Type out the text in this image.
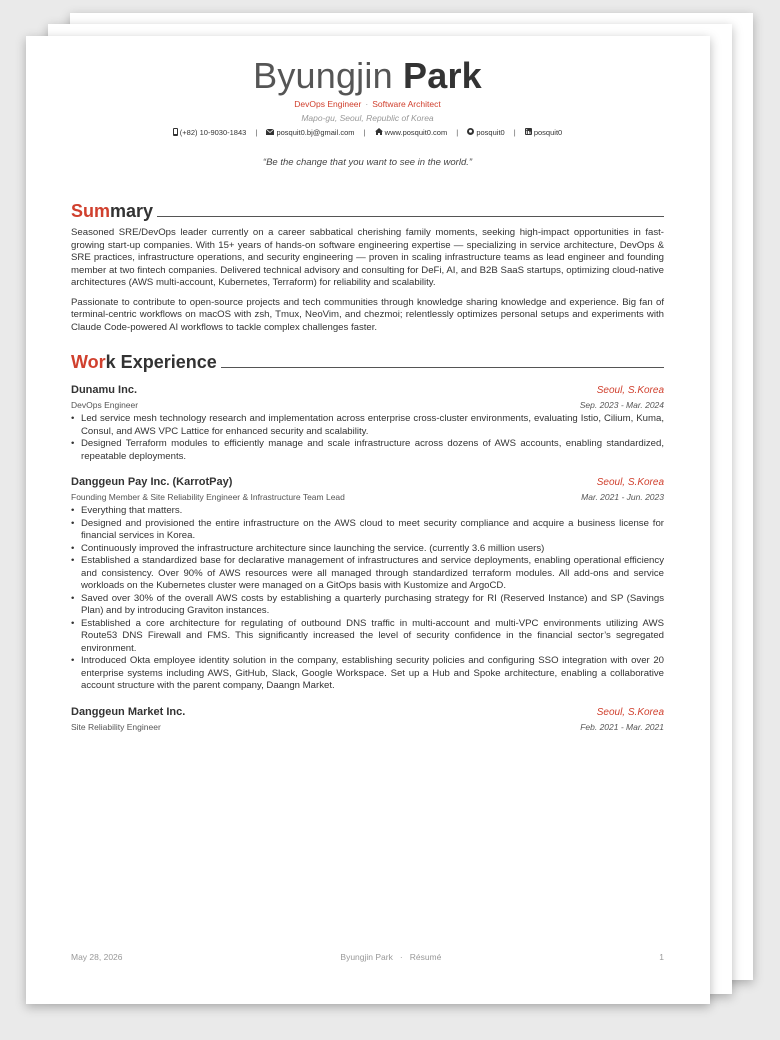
Byungjin Park
DevOps Engineer · Software Architect
Mapo-gu, Seoul, Republic of Korea
(+82) 10-9030-1843 |	posquit0.bj@gmail.com |	www.posquit0.com | posquit0 | posquit0
“Be the change that you want to see in the world.”
Sum mary
Seasoned SRE/DevOps leader currently on a career sabbatical cherishing family moments, seeking high-impact opportunities in fast-growing start-up companies. With 15+ years of hands-on software engineering expertise — specializing in service architecture, DevOps & SRE practices, infrastructure operations, and security engineering — proven in scaling infrastructure teams as lead engineer and founding member at two fintech companies. Delivered technical advisory and consulting for DeFi, AI, and B2B SaaS startups, optimizing cloud-native architectures (AWS multi-account, Kubernetes, Terraform) for reliability and scalability.
Passionate to contribute to open-source projects and tech communities through knowledge sharing knowledge and experience. Big fan of terminal-centric workflows on macOS with zsh, Tmux, NeoVim, and chezmoi; relentlessly optimizes personal setups and experiments with Claude Code-powered AI workflows to tackle complex challenges faster.
Wor k Experience
Dunamu Inc.	Seoul, S.Korea
DevOps Engineer	Sep. 2023 - Mar. 2024
• Led service mesh technology research and implementation across enterprise cross-cluster environments, evaluating Istio, Cilium, Kuma, Consul, and AWS VPC Lattice for enhanced security and scalability.
• Designed Terraform modules to efficiently manage and scale infrastructure across dozens of AWS accounts, enabling standardized, repeatable deployments.
Danggeun Pay Inc. (KarrotPay)	Seoul, S.Korea
Founding Member & Site Reliability Engineer & Infrastructure Team Lead	Mar. 2021 - Jun. 2023
• Everything that matters.
• Designed and provisioned the entire infrastructure on the AWS cloud to meet security compliance and acquire a business license for financial services in Korea.
• Continuously improved the infrastructure architecture since launching the service. (currently 3.6 million users)
• Established a standardized base for declarative management of infrastructures and service deployments, enabling operational efficiency and consistency. Over 90% of AWS resources were all managed through standardized terraform modules. All add-ons and service workloads on the Kubernetes cluster were managed on a GitOps basis with Kustomize and ArgoCD.
• Saved over 30% of the overall AWS costs by establishing a quarterly purchasing strategy for RI (Reserved Instance) and SP (Savings Plan) and by introducing Graviton instances.
• Established a core architecture for regulating of outbound DNS traffic in multi-account and multi-VPC environments utilizing AWS Route53 DNS Firewall and FMS. This significantly increased the level of security confidence in the financial sector’s segregated environment.
• Introduced Okta employee identity solution in the company, establishing security policies and configuring SSO integration with over 20 enterprise systems including AWS, GitHub, Slack, Google Workspace. Set up a Hub and Spoke architecture, enabling a collaborative account structure with the parent company, Daangn Market.
Danggeun Market Inc.	Seoul, S.Korea
Site Reliability Engineer	Feb. 2021 - Mar. 2021
May 28, 2026	Byungjin Park · Résumé	1
